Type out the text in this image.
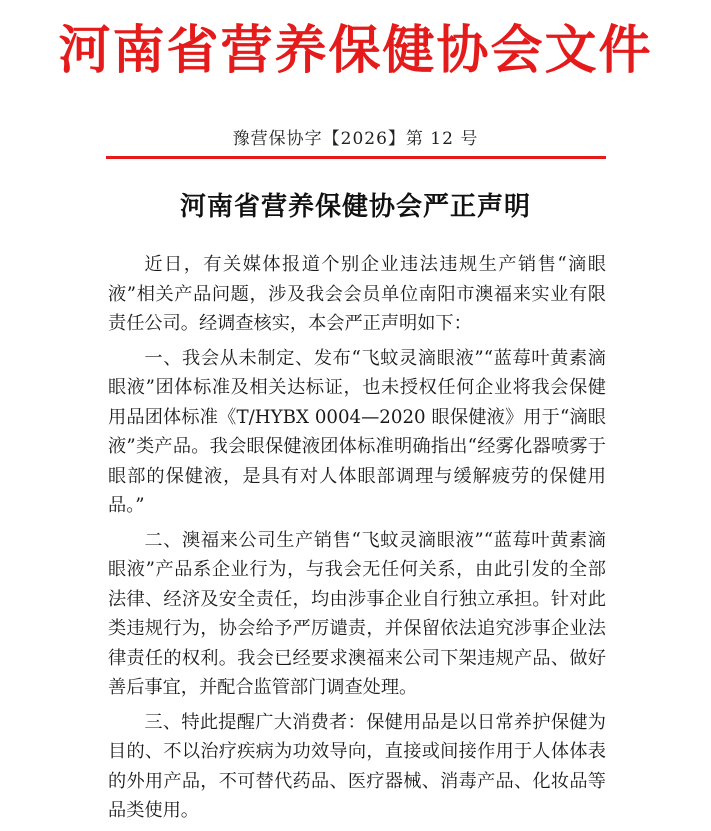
河南省营养保健协会文件
豫营保协字【2026】第 12 号
河南省营养保健协会严正声明

近日，有关媒体报道个别企业违法违规生产销售“滴眼液”相关产品问题，涉及我会会员单位南阳市澳福来实业有限责任公司。经调查核实，本会严正声明如下：

一、我会从未制定、发布“飞蚊灵滴眼液”“蓝莓叶黄素滴眼液”团体标准及相关达标证，也未授权任何企业将我会保健用品团体标准《T/HYBX 0004—2020 眼保健液》用于“滴眼液”类产品。我会眼保健液团体标准明确指出“经雾化器喷雾于眼部的保健液，是具有对人体眼部调理与缓解疲劳的保健用品。”

二、澳福来公司生产销售“飞蚊灵滴眼液”“蓝莓叶黄素滴眼液”产品系企业行为，与我会无任何关系，由此引发的全部法律、经济及安全责任，均由涉事企业自行独立承担。针对此类违规行为，协会给予严厉谴责，并保留依法追究涉事企业法律责任的权利。我会已经要求澳福来公司下架违规产品、做好善后事宜，并配合监管部门调查处理。

三、特此提醒广大消费者：保健用品是以日常养护保健为目的、不以治疗疾病为功效导向，直接或间接作用于人体体表的外用产品，不可替代药品、医疗器械、消毒产品、化妆品等品类使用。
